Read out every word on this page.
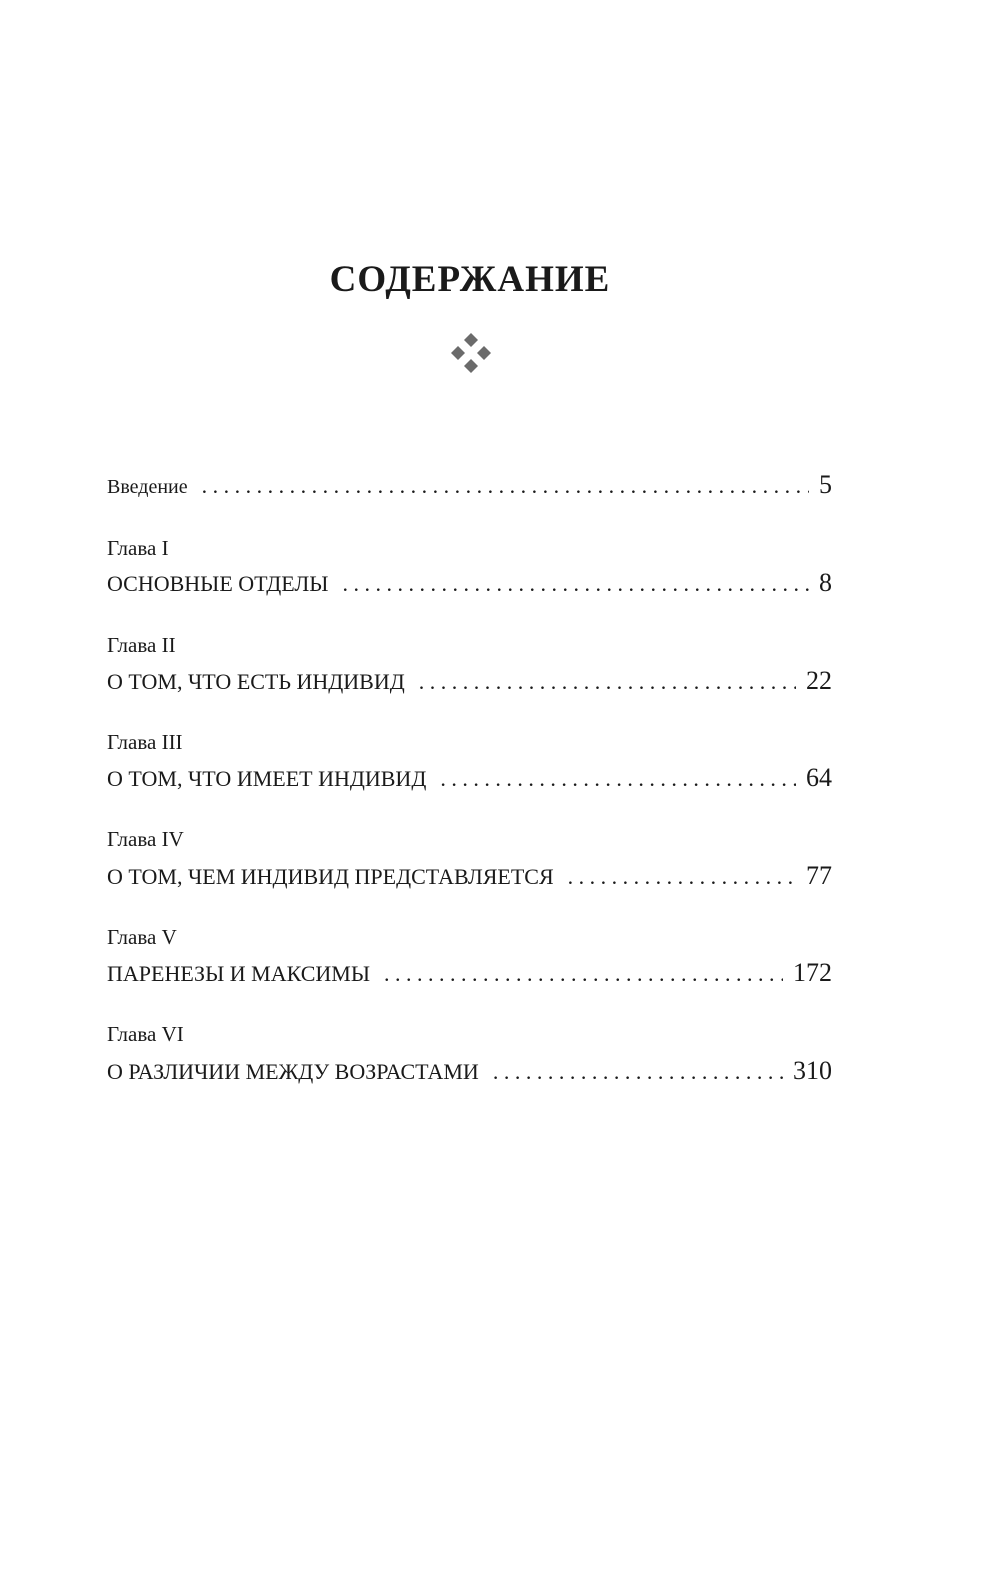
СОДЕРЖАНИЕ
Введение . . .	5
Глава I
ОСНОВНЫЕ ОТДЕЛЫ . . .	8
Глава II
О ТОМ, ЧТО ЕСТЬ ИНДИВИД . . .	22
Глава III
О ТОМ, ЧТО ИМЕЕТ ИНДИВИД . . .	64
Глава IV
О ТОМ, ЧЕМ ИНДИВИД ПРЕДСТАВЛЯЕТСЯ . . .	77
Глава V
ПАРЕНЕЗЫ И МАКСИМЫ . . .	172
Глава VI
О РАЗЛИЧИИ МЕЖДУ ВОЗРАСТАМИ . . .	310
